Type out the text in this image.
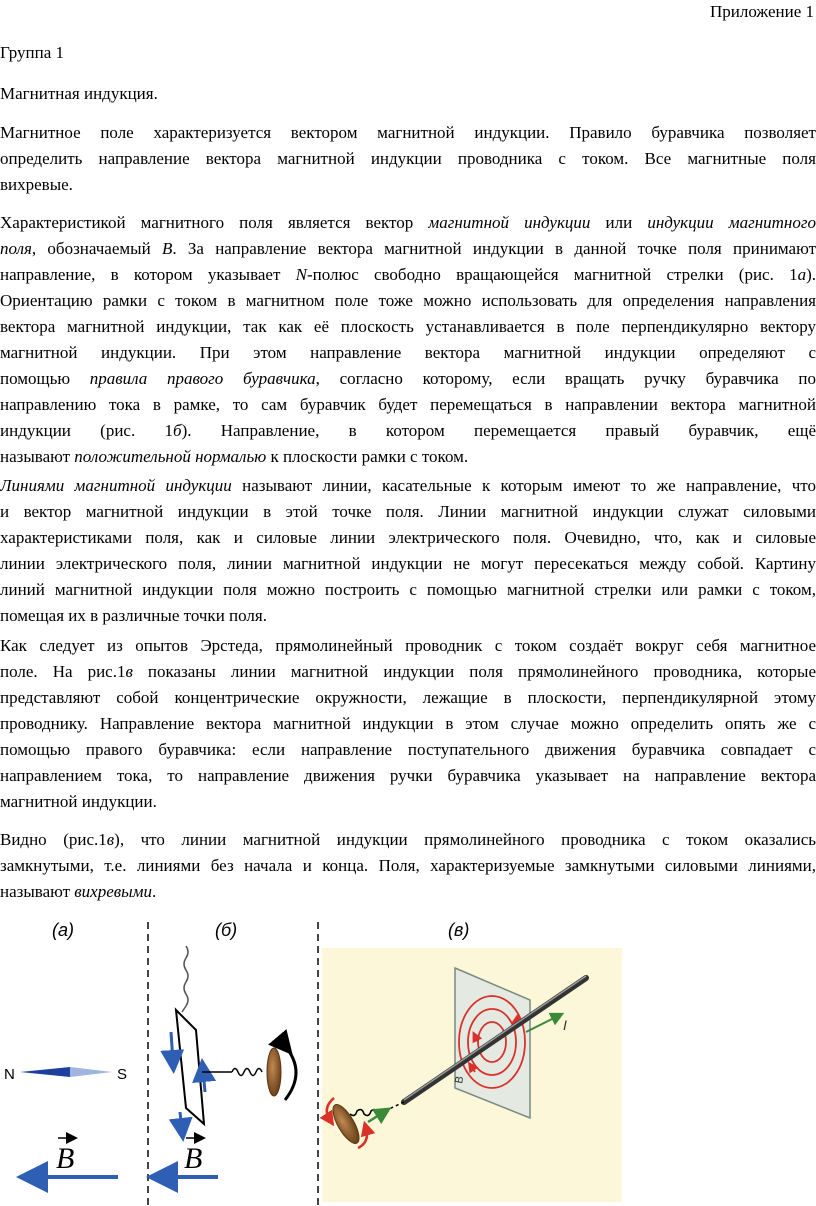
Приложение 1
Группа 1
Магнитная индукция.
Магнитное поле характеризуется вектором магнитной индукции. Правило буравчика позволяет
определить направление вектора магнитной индукции проводника с током. Все магнитные поля
вихревые.
Характеристикой магнитного поля является вектор магнитной индукции или индукции магнитного
поля, обозначаемый B. За направление вектора магнитной индукции в данной точке поля принимают
направление, в котором указывает N-полюс свободно вращающейся магнитной стрелки (рис. 1а).
Ориентацию рамки с током в магнитном поле тоже можно использовать для определения направления
вектора магнитной индукции, так как её плоскость устанавливается в поле перпендикулярно вектору
магнитной индукции. При этом направление вектора магнитной индукции определяют с
помощью правила правого буравчика, согласно которому, если вращать ручку буравчика по
направлению тока в рамке, то сам буравчик будет перемещаться в направлении вектора магнитной
индукции (рис. 1б). Направление, в котором перемещается правый буравчик, ещё
называют положительной нормалью к плоскости рамки с током.
Линиями магнитной индукции называют линии, касательные к которым имеют то же направление, что
и вектор магнитной индукции в этой точке поля. Линии магнитной индукции служат силовыми
характеристиками поля, как и силовые линии электрического поля. Очевидно, что, как и силовые
линии электрического поля, линии магнитной индукции не могут пересекаться между собой. Картину
линий магнитной индукции поля можно построить с помощью магнитной стрелки или рамки с током,
помещая их в различные точки поля.
Как следует из опытов Эрстеда, прямолинейный проводник с током создаёт вокруг себя магнитное
поле. На рис.1в показаны линии магнитной индукции поля прямолинейного проводника, которые
представляют собой концентрические окружности, лежащие в плоскости, перпендикулярной этому
проводнику. Направление вектора магнитной индукции в этом случае можно определить опять же с
помощью правого буравчика: если направление поступательного движения буравчика совпадает с
направлением тока, то направление движения ручки буравчика указывает на направление вектора
магнитной индукции.
Видно (рис.1в), что линии магнитной индукции прямолинейного проводника с током оказались
замкнутыми, т.е. линиями без начала и конца. Поля, характеризуемые замкнутыми силовыми линиями,
называют вихревыми.
(а)	(б)	(в)
N	S
B	B
I
B
